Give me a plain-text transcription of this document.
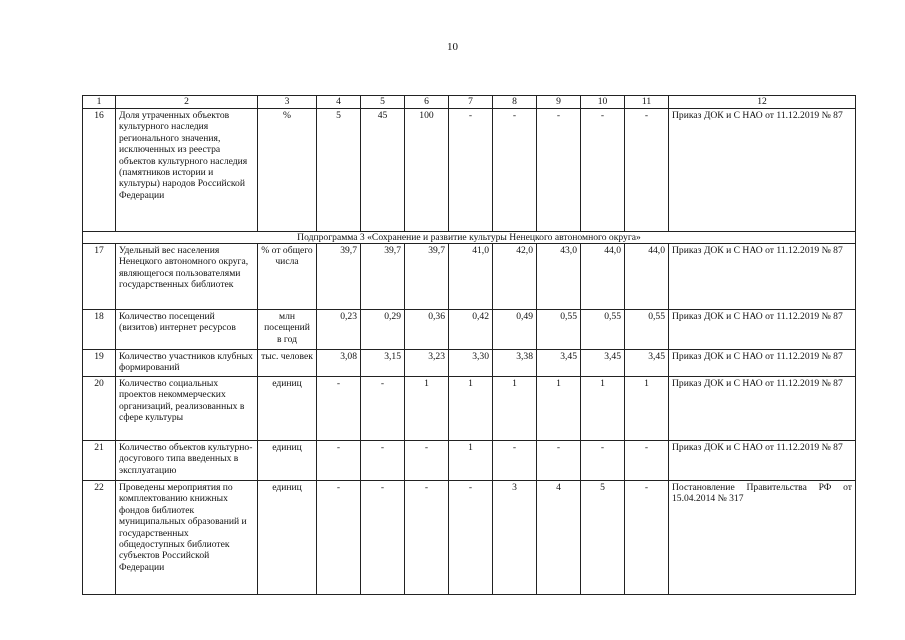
10
1	2	3	4	5	6	7	8	9	10	11	12
16	Доля утраченных объектов культурного наследия регионального значения, исключенных из реестра объектов культурного наследия (памятников истории и культуры) народов Российской Федерации	%	5	45	100	-	-	-	-	-	Приказ ДОК и С НАО от 11.12.2019 № 87
Подпрограмма 3 «Сохранение и развитие культуры Ненецкого автономного округа»											
17	Удельный вес населения Ненецкого автономного округа, являющегося пользователями государственных библиотек	% от общего числа	39,7	39,7	39,7	41,0	42,0	43,0	44,0	44,0	Приказ ДОК и С НАО от 11.12.2019 № 87
18	Количество посещений (визитов) интернет ресурсов	млн посещений в год	0,23	0,29	0,36	0,42	0,49	0,55	0,55	0,55	Приказ ДОК и С НАО от 11.12.2019 № 87
19	Количество участников клубных формирований	тыс. человек	3,08	3,15	3,23	3,30	3,38	3,45	3,45	3,45	Приказ ДОК и С НАО от 11.12.2019 № 87
20	Количество социальных проектов некоммерческих организаций, реализованных в сфере культуры	единиц	-	-	1	1	1	1	1	1	Приказ ДОК и С НАО от 11.12.2019 № 87
21	Количество объектов культурно-досугового типа введенных в эксплуатацию	единиц	-	-	-	1	-	-	-	-	Приказ ДОК и С НАО от 11.12.2019 № 87
22	Проведены мероприятия по комплектованию книжных фондов библиотек муниципальных образований и государственных общедоступных библиотек субъектов Российской Федерации	единиц	-	-	-	-	3	4	5	-	Постановление Правительства РФ от 15.04.2014 № 317
